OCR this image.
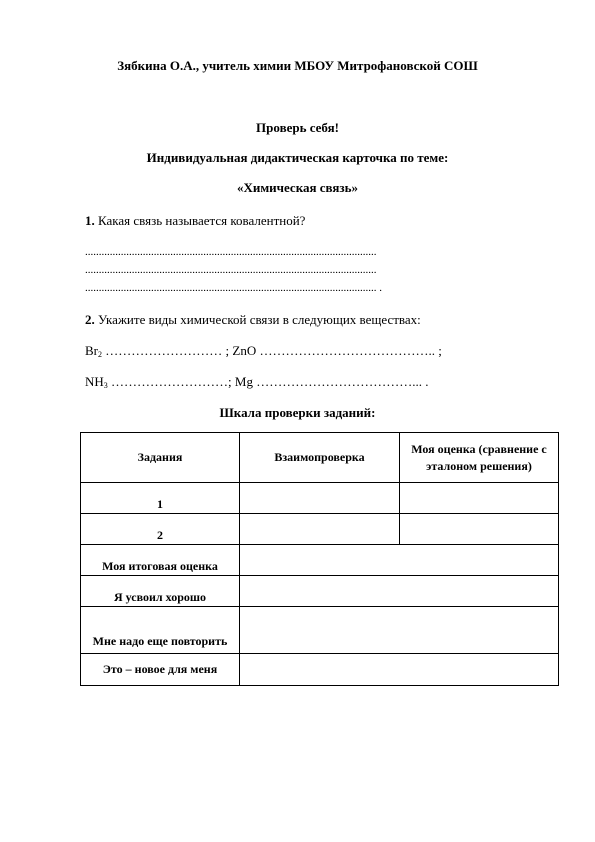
Зябкина О.А., учитель химии МБОУ Митрофановской СОШ
Проверь себя!
Индивидуальная дидактическая карточка по теме:
«Химическая связь»
1. Какая связь называется ковалентной?
..........................................................................................................
..........................................................................................................
.......................................................................................................... .
2. Укажите виды химической связи в следующих веществах:
$Br_2$ ……………………… ; ZnO ………………………………….. ;
$NH_3$ ………………………; Mg ………………………………... .
Шкала проверки заданий:
Задания	Взаимопроверка	Моя оценка (сравнение с эталоном решения)
1		
2		
Моя итоговая оценка		
Я усвоил хорошо		
Мне надо еще повторить		
Это – новое для меня		
